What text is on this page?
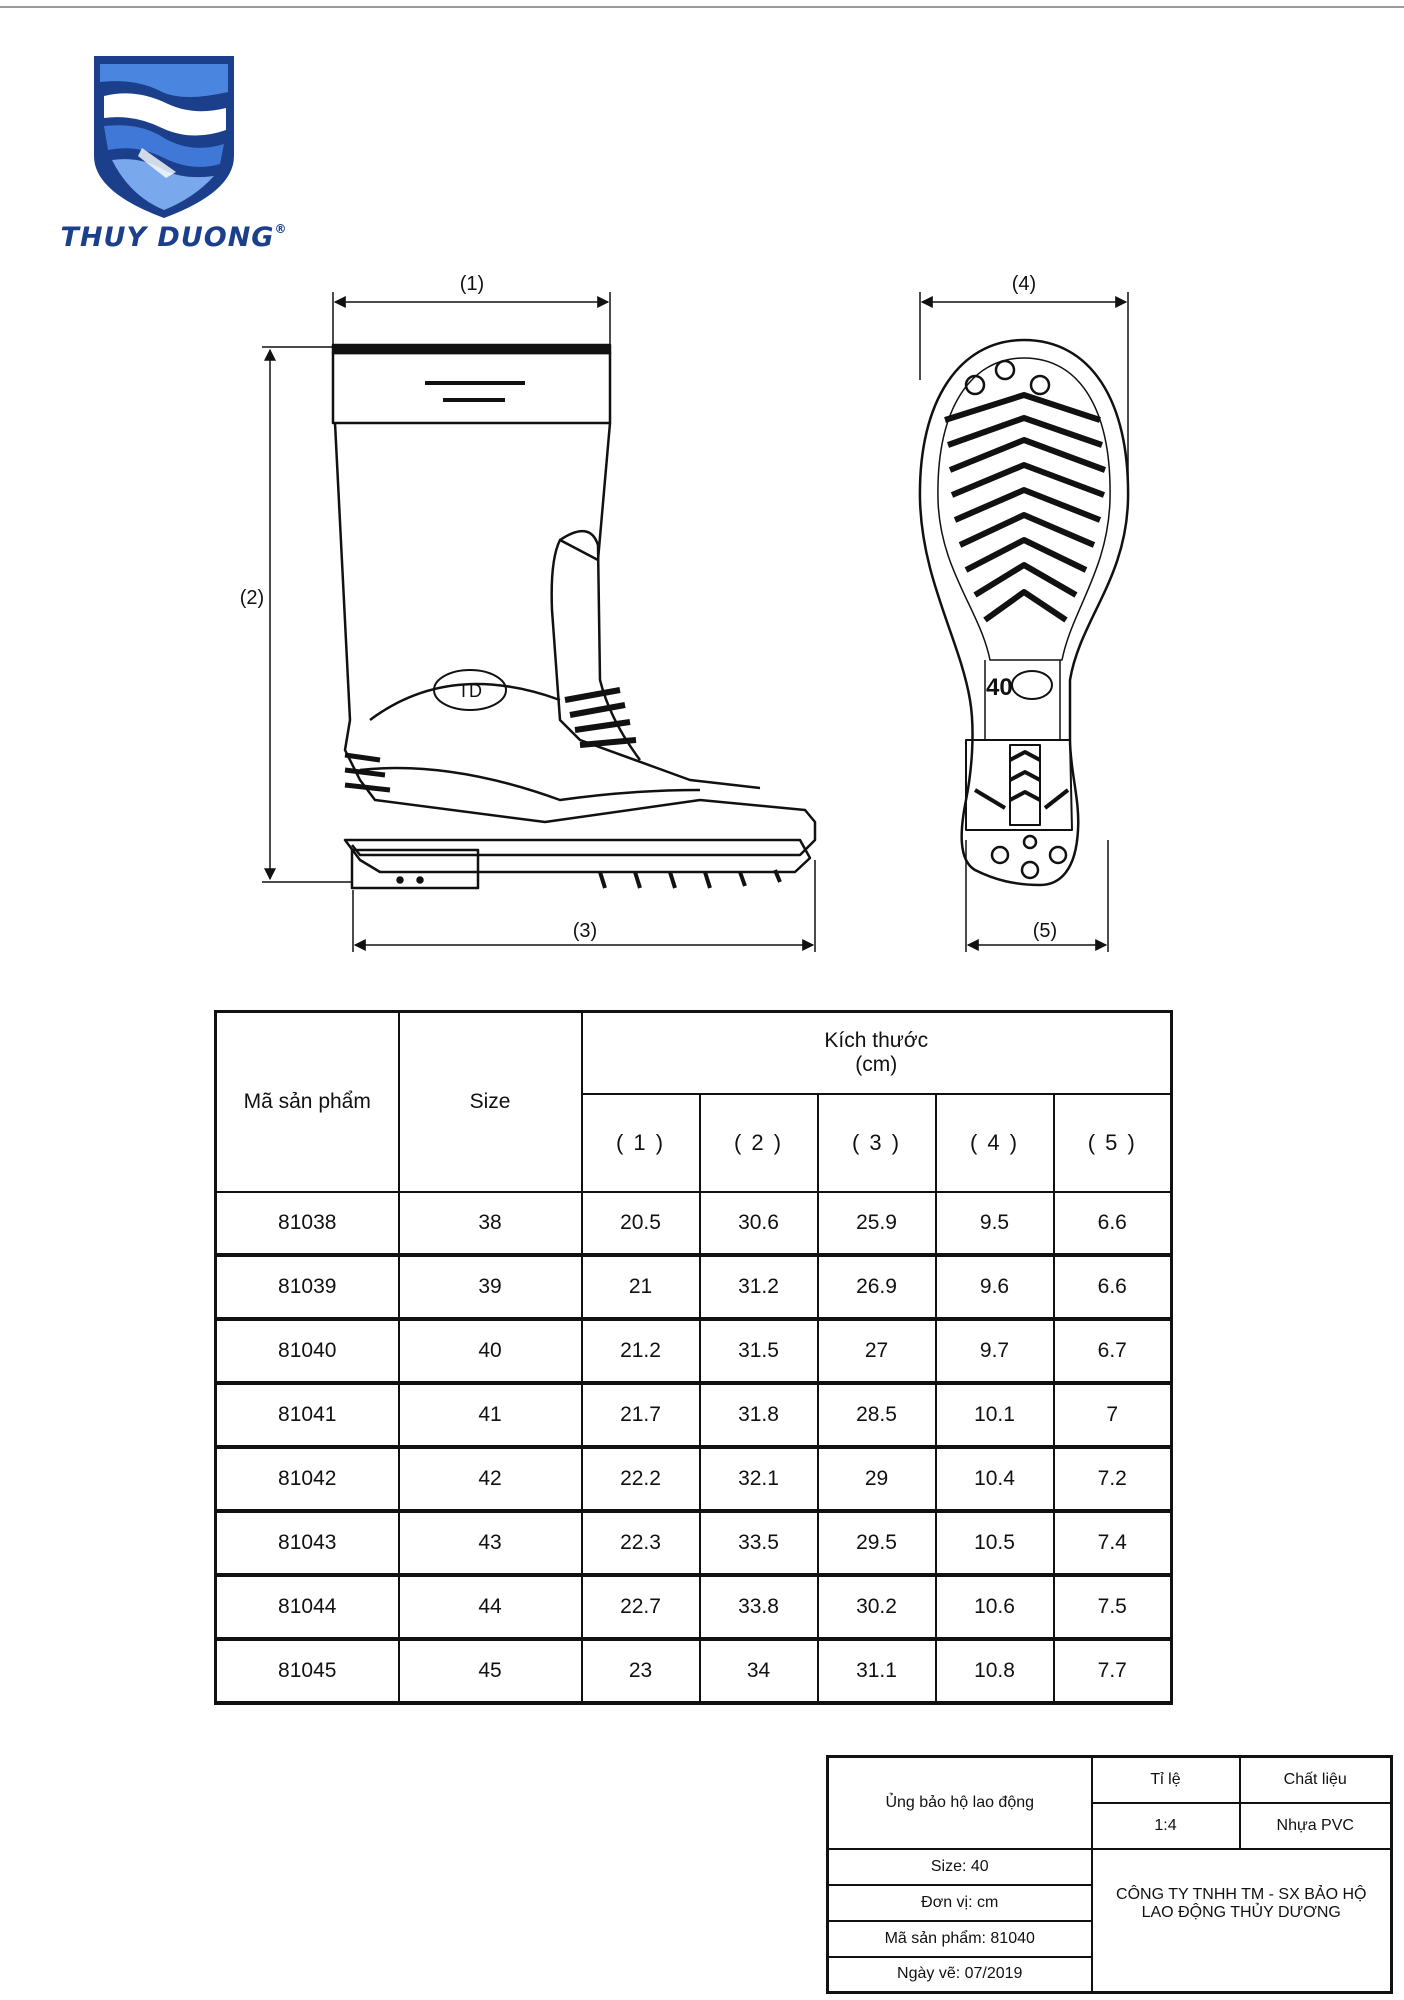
THUY DUONG®
(1)
(2)
(3)
(4)
(5)
TD	40
Mã sản phẩm	Size	Kích thước
(cm)				

		( 1 )	( 2 )	( 3 )	( 4 )	( 5 )
81038	38	20.5	30.6	25.9	9.5	6.6
81039	39	21	31.2	26.9	9.6	6.6
81040	40	21.2	31.5	27	9.7	6.7
81041	41	21.7	31.8	28.5	10.1	7
81042	42	22.2	32.1	29	10.4	7.2
81043	43	22.3	33.5	29.5	10.5	7.4
81044	44	22.7	33.8	30.2	10.6	7.5
81045	45	23	34	31.1	10.8	7.7
Ủng bảo hộ lao động	Tỉ lệ	Chất liệu
	1:4	Nhựa PVC
Size: 40	CÔNG TY TNHH TM - SX BẢO HỘ
LAO ĐỘNG THỦY DƯƠNG	

Đơn vị: cm		
Mã sản phẩm: 81040		
Ngày vẽ: 07/2019		
